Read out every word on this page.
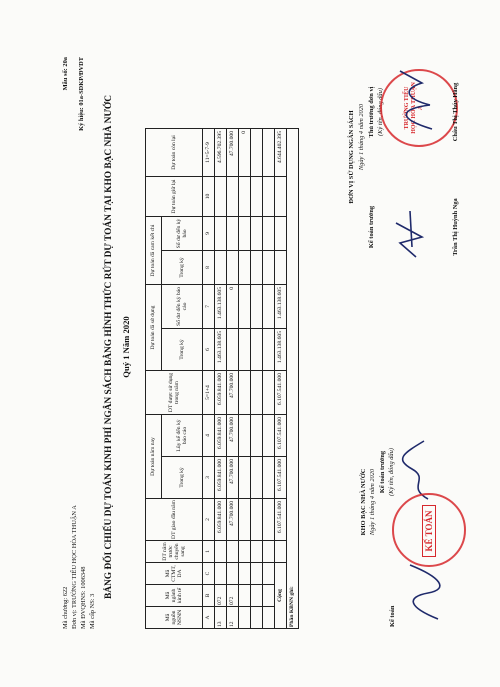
Mã chương: 622 Đơn vị: TRƯỜNG TIỂU HỌC HÒA THUẬN A Mã ĐVQHNS: 1006348 Mã cấp NS: 3
Mẫu số: 20a Ký hiệu: 01a-SDKP/ĐVDT
BẢNG ĐỐI CHIẾU DỰ TOÁN KINH PHÍ NGÂN SÁCH BẰNG HÌNH THỨC RÚT DỰ TOÁN TẠI KHO BẠC NHÀ NƯỚC Quý 1 Năm 2020
Mã nguồn NSNN	Mã ngành kinh tế	Mã CTMT, DA	DT năm trước chuyển sang	DT giao đầu năm	Dự toán năm nay		DT được sử dụng trong năm	Dự toán đã sử dụng		Dự toán đã cam kết chi		Dự toán giữ lại	Dự toán còn lại
					Trong kỳ	Lũy kế đến kỳ báo cáo		Trong kỳ	Số dư đến kỳ báo cáo	Trong kỳ	Số dư đến kỳ báo		
A	B	C	1	2	3	4	5=1+4	6	7	8	9	10	11=5-7-9
13	072			6.059.841.000	6.059.841.000	6.059.841.000	6.059.841.000	1.463.138.605	1.463.138.605				4.596.702.395
12	072			47.700.000	47.700.000	47.700.000	47.700.000		0				47.700.000
													0

Cộng				6.107.541.000	6.107.541.000	6.107.541.000	6.107.541.000	1.463.138.605	1.463.138.605				4.644.402.395
Phần KBNN ghi:													
KHO BẠC NHÀ NƯỚC Ngày 1 tháng 4 năm 2020
Kế toán
Kế toán trưởng (Ký tên, đóng dấu)
KẾ TOÁN
ĐƠN VỊ SỬ DỤNG NGÂN SÁCH Ngày 1 tháng 4 năm 2020
Kế toán trưởng
Thủ trưởng đơn vị (Ký tên, đóng dấu)	TRƯỜNG TIỂU HỌC HÒA THUẬN A
Trần Thị Huỳnh Nga
Châu Thị Thúy Hằng
